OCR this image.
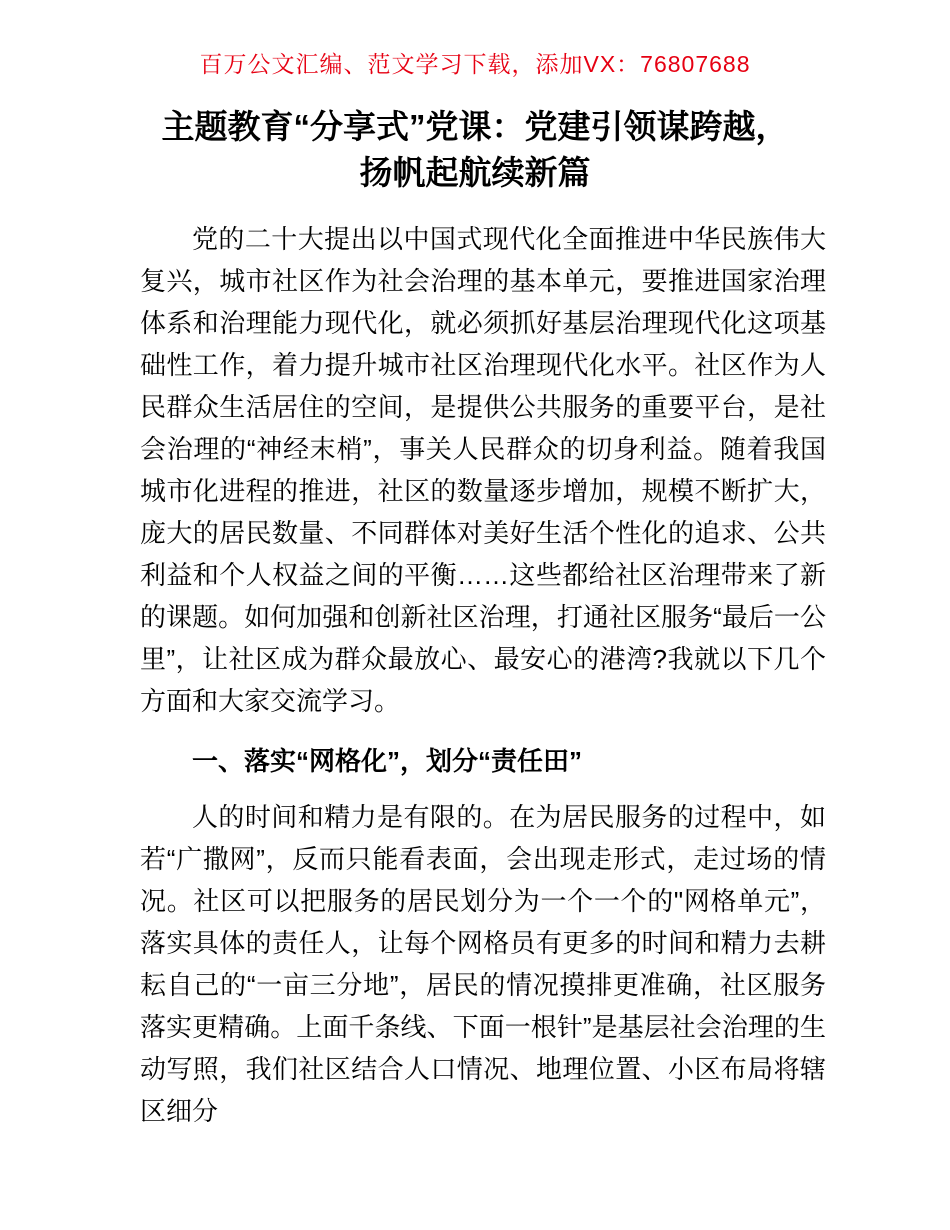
百万公文汇编、范文学习下载，添加VX：76807688
主题教育“分享式”党课：党建引领谋跨越，
扬帆起航续新篇

党的二十大提出以中国式现代化全面推进中华民族伟大复兴，城市社区作为社会治理的基本单元，要推进国家治理体系和治理能力现代化，就必须抓好基层治理现代化这项基础性工作，着力提升城市社区治理现代化水平。社区作为人民群众生活居住的空间，是提供公共服务的重要平台，是社会治理的“神经末梢”，事关人民群众的切身利益。随着我国城市化进程的推进，社区的数量逐步增加，规模不断扩大，庞大的居民数量、不同群体对美好生活个性化的追求、公共利益和个人权益之间的平衡……这些都给社区治理带来了新的课题。如何加强和创新社区治理，打通社区服务“最后一公里”，让社区成为群众最放心、最安心的港湾?我就以下几个方面和大家交流学习。

一、落实“网格化”，划分“责任田”

人的时间和精力是有限的。在为居民服务的过程中，如若“广撒网”，反而只能看表面，会出现走形式，走过场的情况。社区可以把服务的居民划分为一个一个的"网格单元”，落实具体的责任人，让每个网格员有更多的时间和精力去耕耘自己的“一亩三分地”，居民的情况摸排更准确，社区服务落实更精确。上面千条线、下面一根针”是基层社会治理的生动写照，我们社区结合人口情况、地理位置、小区布局将辖区细分
